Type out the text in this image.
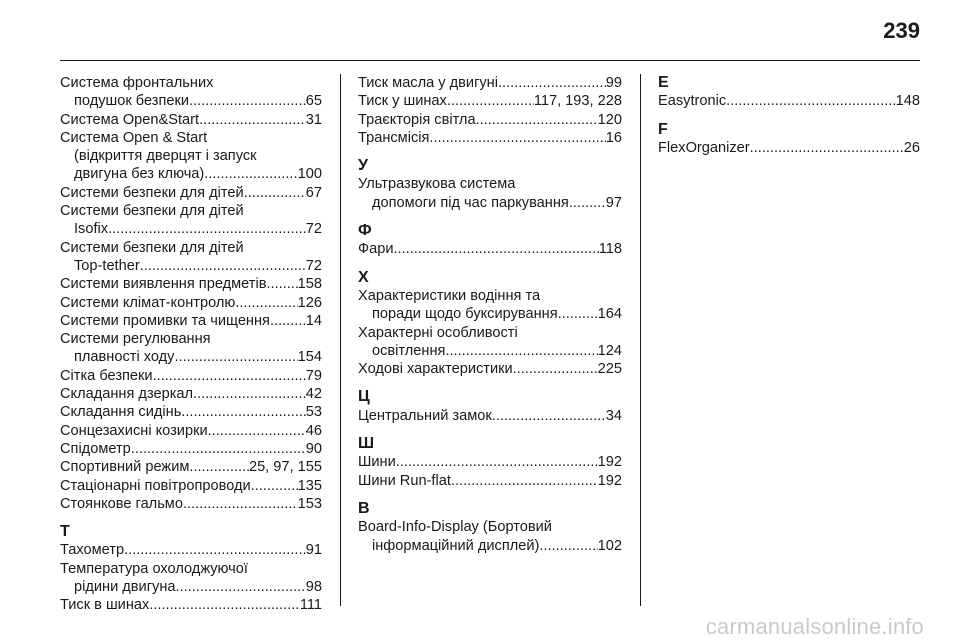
239
Система фронтальних
подушок безпеки .....	65
Система Open&Start .....	31
Система Open & Start
(відкриття дверцят і запуск
двигуна без ключа) .....	100
Системи безпеки для дітей .....	67
Системи безпеки для дітей
Isofix .....	72
Системи безпеки для дітей
Top-tether .....	72
Системи виявлення предметів ..... 158
Системи клімат-контролю .....	126
Системи промивки та чищення ..... 14
Системи регулювання
плавності ходу .....	154
Сітка безпеки .....	79
Складання дзеркал .....	42
Складання сидінь .....	53
Сонцезахисні козирки .....	46
Спідометр .....	90
Спортивний режим .....	25, 97, 155
Стаціонарні повітропроводи .....	135
Стоянкове гальмо .....	153
Т
Тахометр .....	91
Температура охолоджуючої
рідини двигуна .....	98
Тиск в шинах .....	111
Тиск масла у двигуні .....	99
Тиск у шинах .....	117, 193, 228
Траєкторія світла .....	120
Трансмісія .....	16
У
Ультразвукова система
допомоги під час паркування .....	97
Ф
Фари .....	118
Х
Характеристики водіння та
поради щодо буксирування .....	164
Характерні особливості
освітлення .....	124
Ходові характеристики .....	225
Ц
Центральний замок .....	34
Ш
Шини .....	192
Шини Run-flat .....	192
В
Board-Info-Display (Бортовий
інформаційний дисплей) .....	102
E
Easytronic .....	148
F
FlexOrganizer .....	26
carmanualsonline.info
